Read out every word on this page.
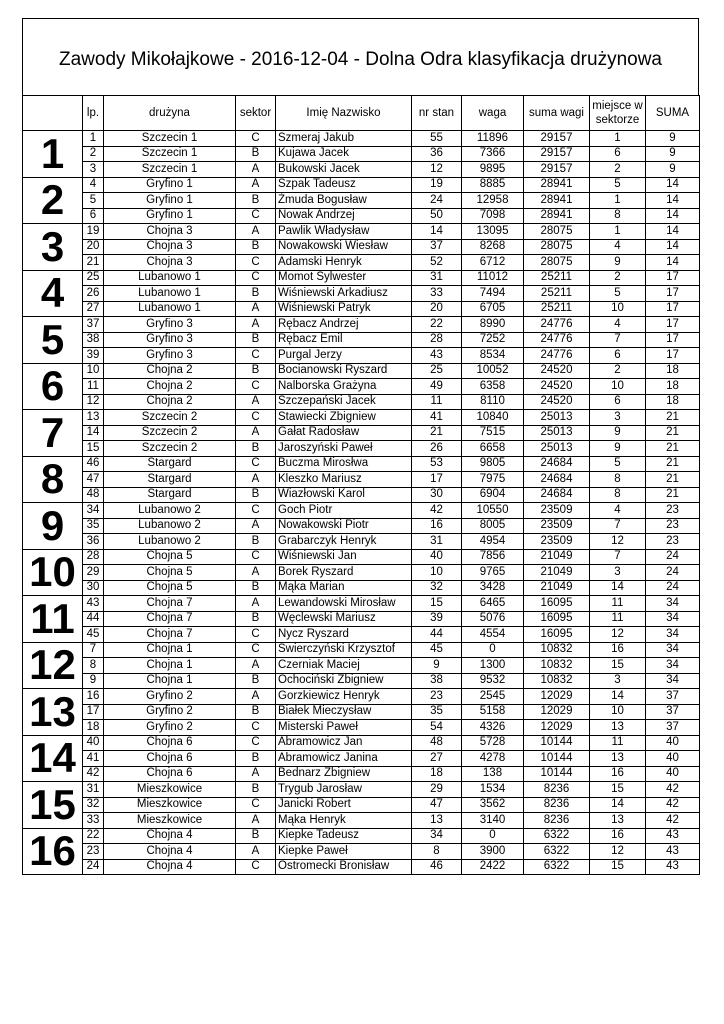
Zawody Mikołajkowe - 2016-12-04 - Dolna Odra klasyfikacja drużynowa
	lp.	drużyna	sektor	Imię Nazwisko	nr stan	waga	suma wagi	miejsce w sektorze	SUMA
1	1	Szczecin 1	C	Szmeraj Jakub	55	11896	29157	1	9
	2	Szczecin 1	B	Kujawa Jacek	36	7366	29157	6	9
	3	Szczecin 1	A	Bukowski Jacek	12	9895	29157	2	9
2	4	Gryfino 1	A	Szpak Tadeusz	19	8885	28941	5	14
	5	Gryfino 1	B	Żmuda Bogusław	24	12958	28941	1	14
	6	Gryfino 1	C	Nowak Andrzej	50	7098	28941	8	14
3	19	Chojna 3	A	Pawlik Władysław	14	13095	28075	1	14
	20	Chojna 3	B	Nowakowski Wiesław	37	8268	28075	4	14
	21	Chojna 3	C	Adamski Henryk	52	6712	28075	9	14
4	25	Lubanowo 1	C	Momot Sylwester	31	11012	25211	2	17
	26	Lubanowo 1	B	Wiśniewski Arkadiusz	33	7494	25211	5	17
	27	Lubanowo 1	A	Wiśniewski Patryk	20	6705	25211	10	17
5	37	Gryfino 3	A	Rębacz Andrzej	22	8990	24776	4	17
	38	Gryfino 3	B	Rębacz Emil	28	7252	24776	7	17
	39	Gryfino 3	C	Purgal Jerzy	43	8534	24776	6	17
6	10	Chojna 2	B	Bocianowski Ryszard	25	10052	24520	2	18
	11	Chojna 2	C	Nalborska Grażyna	49	6358	24520	10	18
	12	Chojna 2	A	Szczepański Jacek	11	8110	24520	6	18
7	13	Szczecin 2	C	Stawiecki Zbigniew	41	10840	25013	3	21
	14	Szczecin 2	A	Gałat Radosław	21	7515	25013	9	21
	15	Szczecin 2	B	Jaroszyński Paweł	26	6658	25013	9	21
8	46	Stargard	C	Buczma Mirosłwa	53	9805	24684	5	21
	47	Stargard	A	Kleszko Mariusz	17	7975	24684	8	21
	48	Stargard	B	Wiazłowski Karol	30	6904	24684	8	21
9	34	Lubanowo 2	C	Goch Piotr	42	10550	23509	4	23
	35	Lubanowo 2	A	Nowakowski Piotr	16	8005	23509	7	23
	36	Lubanowo 2	B	Grabarczyk Henryk	31	4954	23509	12	23
10	28	Chojna 5	C	Wiśniewski Jan	40	7856	21049	7	24
	29	Chojna 5	A	Borek Ryszard	10	9765	21049	3	24
	30	Chojna 5	B	Mąka Marian	32	3428	21049	14	24
11	43	Chojna 7	A	Lewandowski Mirosław	15	6465	16095	11	34
	44	Chojna 7	B	Węclewski Mariusz	39	5076	16095	11	34
	45	Chojna 7	C	Nycz Ryszard	44	4554	16095	12	34
12	7	Chojna 1	C	Świerczyński Krzysztof	45	0	10832	16	34
	8	Chojna 1	A	Czerniak Maciej	9	1300	10832	15	34
	9	Chojna 1	B	Ochociński Zbigniew	38	9532	10832	3	34
13	16	Gryfino 2	A	Gorzkiewicz Henryk	23	2545	12029	14	37
	17	Gryfino 2	B	Białek Mieczysław	35	5158	12029	10	37
	18	Gryfino 2	C	Misterski Paweł	54	4326	12029	13	37
14	40	Chojna 6	C	Abramowicz Jan	48	5728	10144	11	40
	41	Chojna 6	B	Abramowicz Janina	27	4278	10144	13	40
	42	Chojna 6	A	Bednarz Zbigniew	18	138	10144	16	40
15	31	Mieszkowice	B	Trygub Jarosław	29	1534	8236	15	42
	32	Mieszkowice	C	Janicki Robert	47	3562	8236	14	42
	33	Mieszkowice	A	Mąka Henryk	13	3140	8236	13	42
16	22	Chojna 4	B	Kiepke Tadeusz	34	0	6322	16	43
	23	Chojna 4	A	Kiepke Paweł	8	3900	6322	12	43
	24	Chojna 4	C	Ostromecki Bronisław	46	2422	6322	15	43
